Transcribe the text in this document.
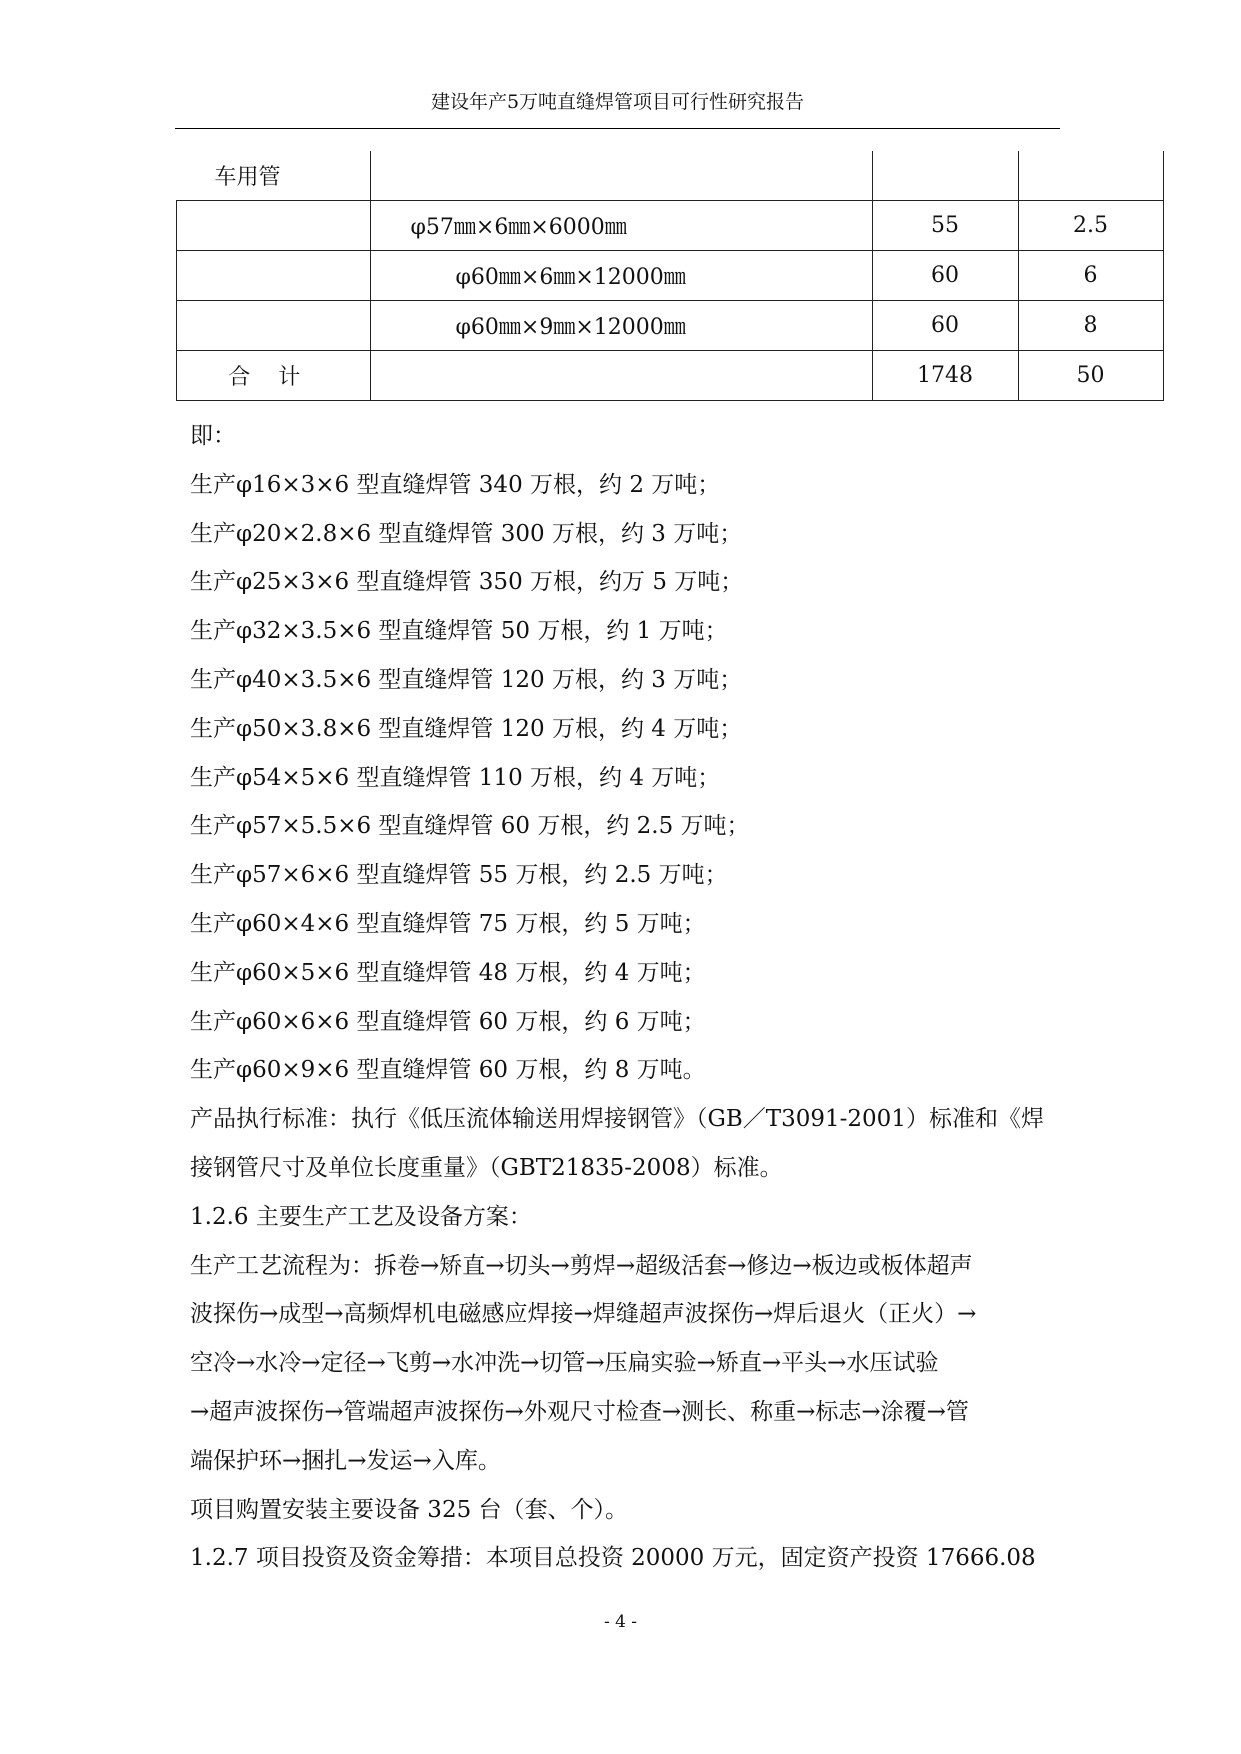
建设年产5万吨直缝焊管项目可行性研究报告
车用管			
	φ57㎜×6㎜×6000㎜	55	2.5
	φ60㎜×6㎜×12000㎜	60	6
	φ60㎜×9㎜×12000㎜	60	8
合计		1748	50
即：
生产φ16×3×6 型直缝焊管 340 万根，约 2 万吨；
生产φ20×2.8×6 型直缝焊管 300 万根，约 3 万吨；
生产φ25×3×6 型直缝焊管 350 万根，约万 5 万吨；
生产φ32×3.5×6 型直缝焊管 50 万根，约 1 万吨；
生产φ40×3.5×6 型直缝焊管 120 万根，约 3 万吨；
生产φ50×3.8×6 型直缝焊管 120 万根，约 4 万吨；
生产φ54×5×6 型直缝焊管 110 万根，约 4 万吨；
生产φ57×5.5×6 型直缝焊管 60 万根，约 2.5 万吨；
生产φ57×6×6 型直缝焊管 55 万根，约 2.5 万吨；
生产φ60×4×6 型直缝焊管 75 万根，约 5 万吨；
生产φ60×5×6 型直缝焊管 48 万根，约 4 万吨；
生产φ60×6×6 型直缝焊管 60 万根，约 6 万吨；
生产φ60×9×6 型直缝焊管 60 万根，约 8 万吨。
产品执行标准：执行《低压流体输送用焊接钢管》（GB／T3091-2001）标准和《焊
接钢管尺寸及单位长度重量》（GBT21835-2008）标准。
1.2.6 主要生产工艺及设备方案：
生产工艺流程为：拆卷→矫直→切头→剪焊→超级活套→修边→板边或板体超声
波探伤→成型→高频焊机电磁感应焊接→焊缝超声波探伤→焊后退火（正火）→
空冷→水冷→定径→飞剪→水冲洗→切管→压扁实验→矫直→平头→水压试验
→超声波探伤→管端超声波探伤→外观尺寸检查→测长、称重→标志→涂覆→管
端保护环→捆扎→发运→入库。
项目购置安装主要设备 325 台（套、个）。
1.2.7 项目投资及资金筹措：本项目总投资 20000 万元，固定资产投资 17666.08
- 4 -
